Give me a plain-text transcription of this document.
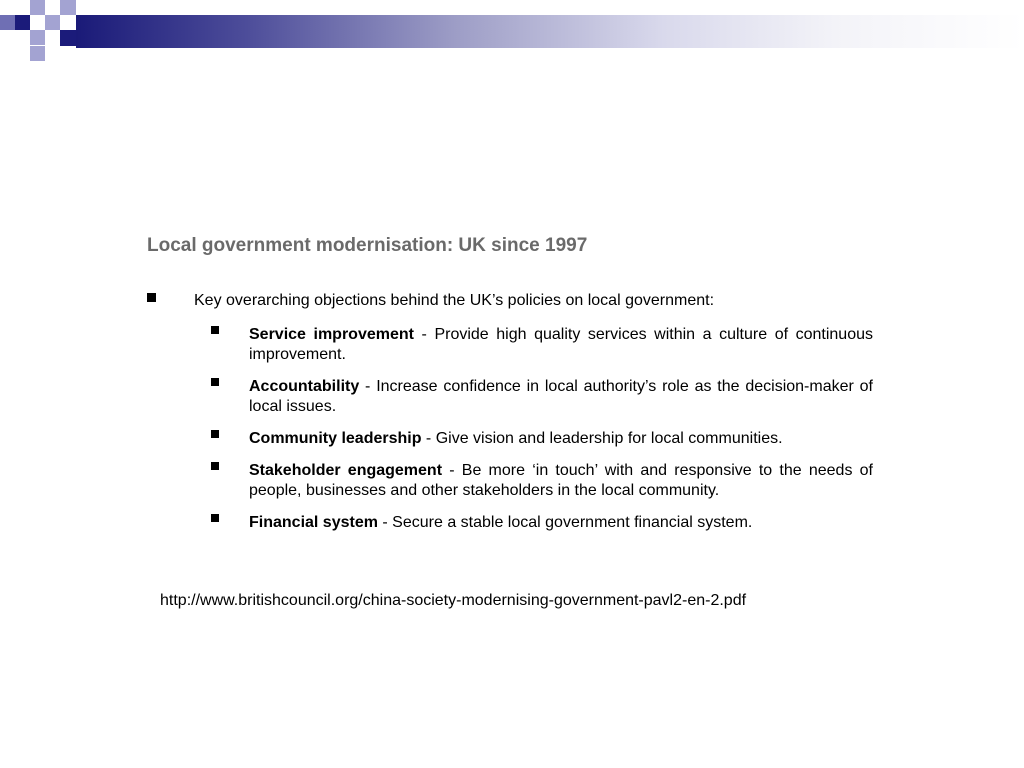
Local government modernisation: UK since 1997
Key overarching objections behind the UK’s policies on local government:
Service improvement - Provide high quality services within a culture of continuous improvement.
Accountability - Increase confidence in local authority’s role as the decision-maker of local issues.
Community leadership - Give vision and leadership for local communities.
Stakeholder engagement - Be more ‘in touch’ with and responsive to the needs of people, businesses and other stakeholders in the local community.
Financial system - Secure a stable local government financial system.
http://www.britishcouncil.org/china-society-modernising-government-pavl2-en-2.pdf
